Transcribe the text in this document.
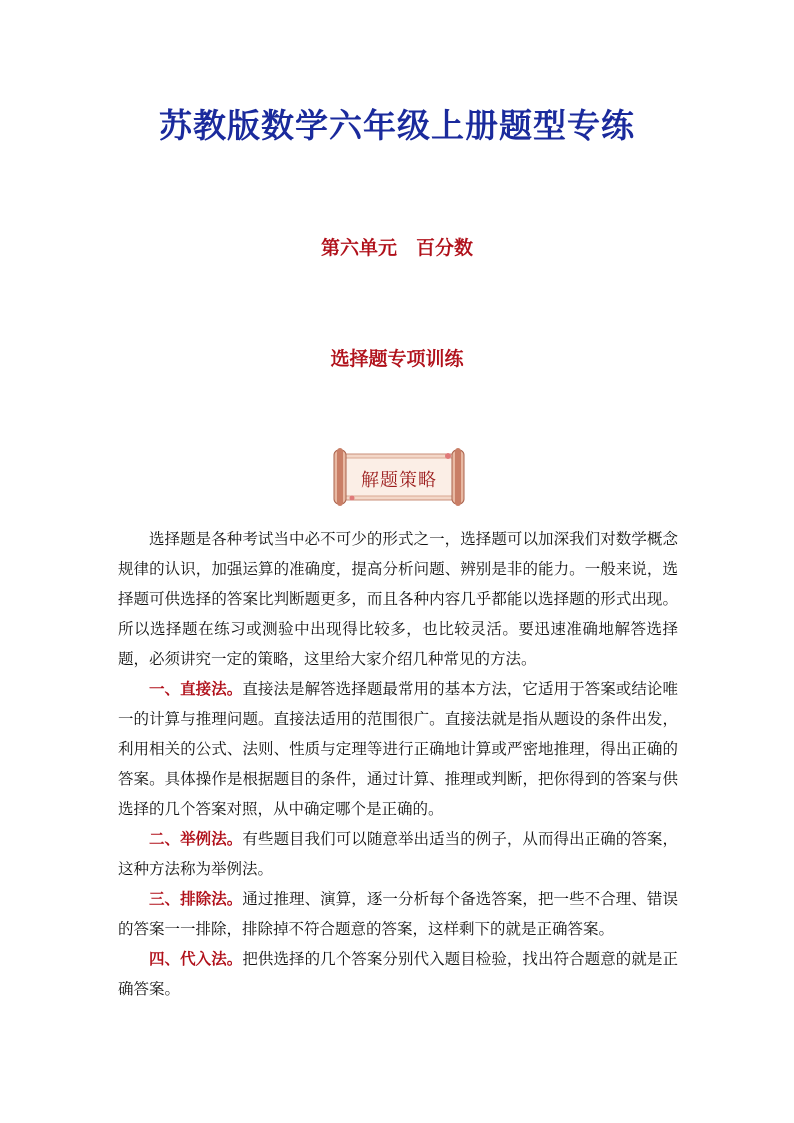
苏教版数学六年级上册题型专练
第六单元　百分数
选择题专项训练
解题策略

选择题是各种考试当中必不可少的形式之一，选择题可以加深我们对数学概念规律的认识，加强运算的准确度，提高分析问题、辨别是非的能力。一般来说，选择题可供选择的答案比判断题更多，而且各种内容几乎都能以选择题的形式出现。所以选择题在练习或测验中出现得比较多，也比较灵活。要迅速准确地解答选择题，必须讲究一定的策略，这里给大家介绍几种常见的方法。

一、直接法。直接法是解答选择题最常用的基本方法，它适用于答案或结论唯一的计算与推理问题。直接法适用的范围很广。直接法就是指从题设的条件出发，利用相关的公式、法则、性质与定理等进行正确地计算或严密地推理，得出正确的答案。具体操作是根据题目的条件，通过计算、推理或判断，把你得到的答案与供选择的几个答案对照，从中确定哪个是正确的。

二、举例法。有些题目我们可以随意举出适当的例子，从而得出正确的答案，这种方法称为举例法。

三、排除法。通过推理、演算，逐一分析每个备选答案，把一些不合理、错误的答案一一排除，排除掉不符合题意的答案，这样剩下的就是正确答案。

四、代入法。把供选择的几个答案分别代入题目检验，找出符合题意的就是正确答案。
